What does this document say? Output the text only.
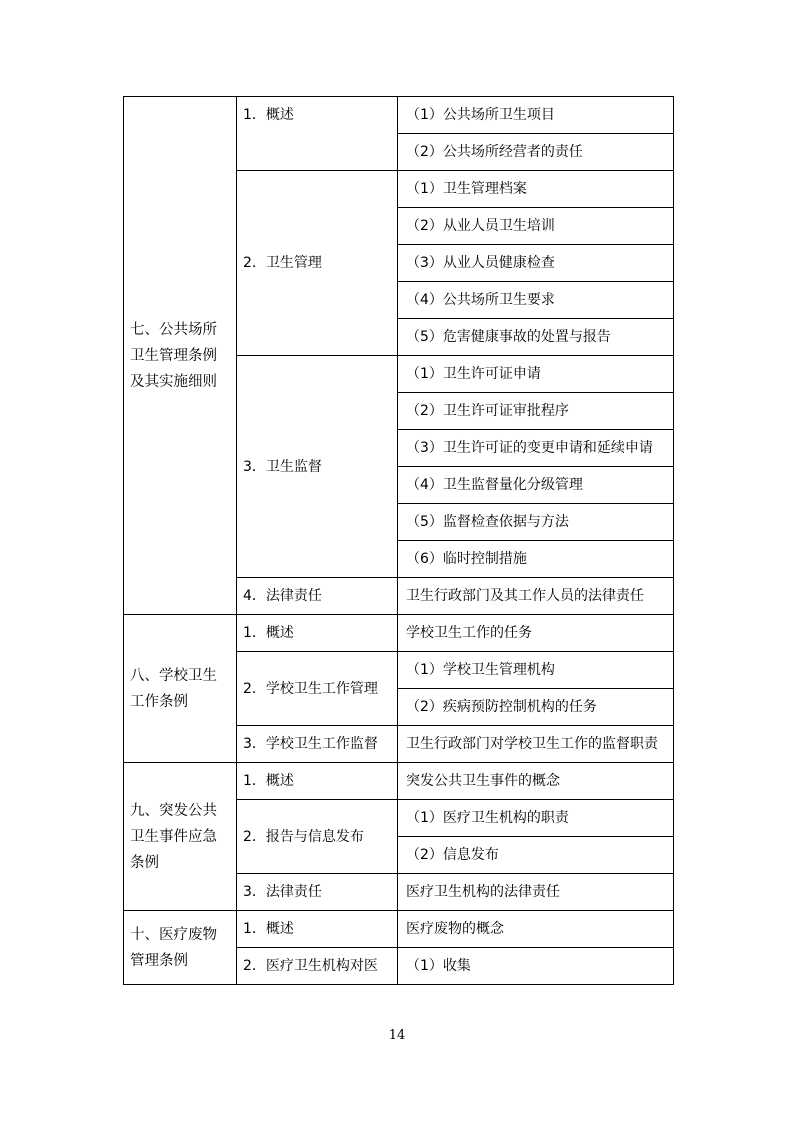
七、公共场所卫生管理条例及其实施细则	1．概述	（1）公共场所卫生项目
		（2）公共场所经营者的责任
	2．卫生管理	（1）卫生管理档案
		（2）从业人员卫生培训
		（3）从业人员健康检查
		（4）公共场所卫生要求
		（5）危害健康事故的处置与报告
	3．卫生监督	（1）卫生许可证申请
		（2）卫生许可证审批程序
		（3）卫生许可证的变更申请和延续申请
		（4）卫生监督量化分级管理
		（5）监督检查依据与方法
		（6）临时控制措施
	4．法律责任	卫生行政部门及其工作人员的法律责任
八、学校卫生工作条例	1．概述	学校卫生工作的任务
	2．学校卫生工作管理	（1）学校卫生管理机构
		（2）疾病预防控制机构的任务
	3．学校卫生工作监督	卫生行政部门对学校卫生工作的监督职责
九、突发公共卫生事件应急条例	1．概述	突发公共卫生事件的概念
	2．报告与信息发布	（1）医疗卫生机构的职责
		（2）信息发布
	3．法律责任	医疗卫生机构的法律责任
十、医疗废物管理条例	1．概述	医疗废物的概念
	2．医疗卫生机构对医	（1）收集
14
